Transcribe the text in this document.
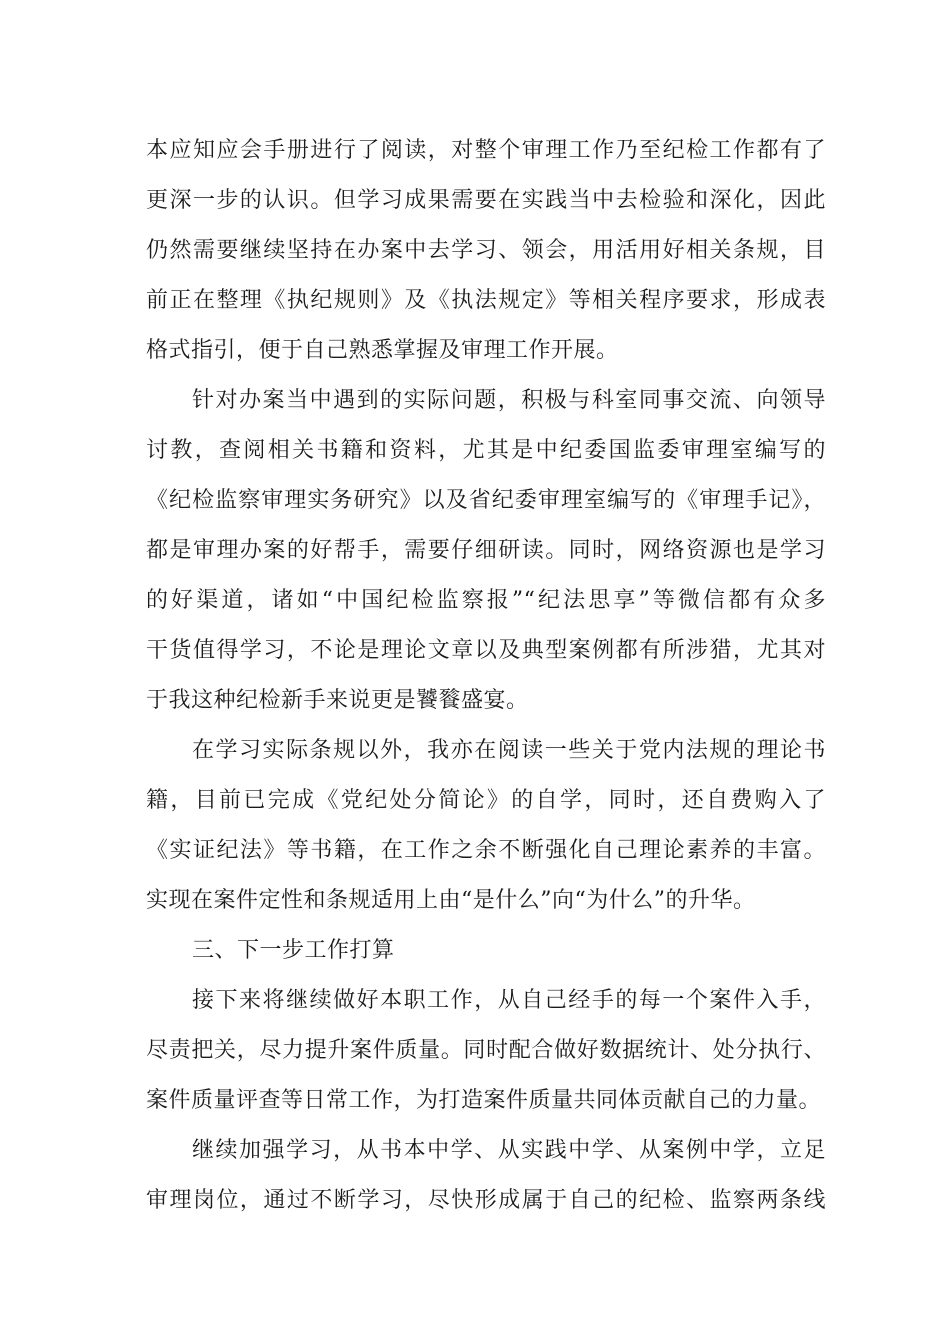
本应知应会手册进行了阅读，对整个审理工作乃至纪检工作都有了
更深一步的认识。但学习成果需要在实践当中去检验和深化，因此
仍然需要继续坚持在办案中去学习、领会，用活用好相关条规，目
前正在整理《执纪规则》及《执法规定》等相关程序要求，形成表
格式指引，便于自己熟悉掌握及审理工作开展。
针对办案当中遇到的实际问题，积极与科室同事交流、向领导
讨教，查阅相关书籍和资料，尤其是中纪委国监委审理室编写的
《纪检监察审理实务研究》以及省纪委审理室编写的《审理手记》，
都是审理办案的好帮手，需要仔细研读。同时，网络资源也是学习
的好渠道，诸如“中国纪检监察报”“纪法思享”等微信都有众多
干货值得学习，不论是理论文章以及典型案例都有所涉猎，尤其对
于我这种纪检新手来说更是饕餮盛宴。
在学习实际条规以外，我亦在阅读一些关于党内法规的理论书
籍，目前已完成《党纪处分简论》的自学，同时，还自费购入了
《实证纪法》等书籍，在工作之余不断强化自己理论素养的丰富。
实现在案件定性和条规适用上由“是什么”向“为什么”的升华。
三、下一步工作打算
接下来将继续做好本职工作，从自己经手的每一个案件入手，
尽责把关，尽力提升案件质量。同时配合做好数据统计、处分执行、
案件质量评查等日常工作，为打造案件质量共同体贡献自己的力量。
继续加强学习，从书本中学、从实践中学、从案例中学，立足
审理岗位，通过不断学习，尽快形成属于自己的纪检、监察两条线
